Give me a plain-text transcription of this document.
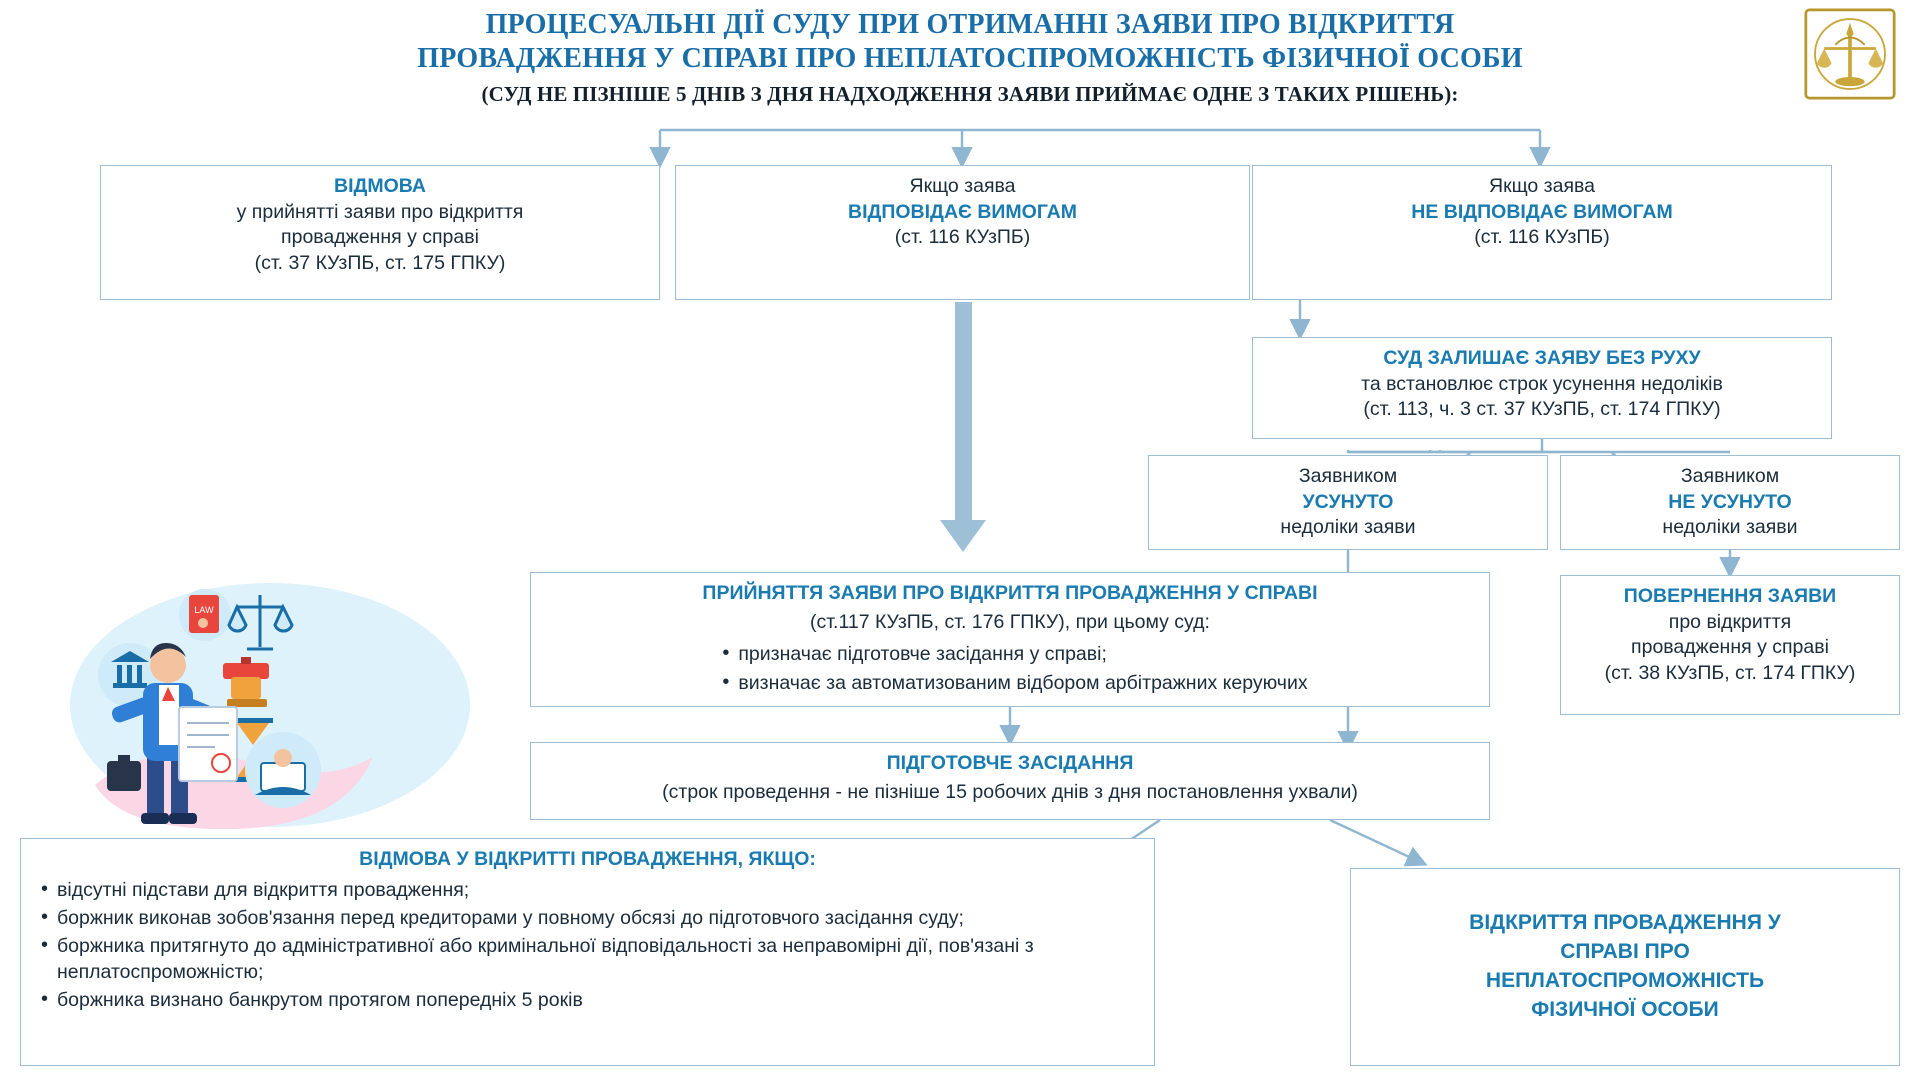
ПРОЦЕСУАЛЬНІ ДІЇ СУДУ ПРИ ОТРИМАННІ ЗАЯВИ ПРО ВІДКРИТТЯ
ПРОВАДЖЕННЯ У СПРАВІ ПРО НЕПЛАТОСПРОМОЖНІСТЬ ФІЗИЧНОЇ ОСОБИ
(СУД НЕ ПІЗНІШЕ 5 ДНІВ З ДНЯ НАДХОДЖЕННЯ ЗАЯВИ ПРИЙМАЄ ОДНЕ З ТАКИХ РІШЕНЬ):
LAW
ВІДМОВА
у прийнятті заяви про відкриття
провадження у справі
(ст. 37 КУзПБ, ст. 175 ГПКУ)
Якщо заява
ВІДПОВІДАЄ ВИМОГАМ
(ст. 116 КУзПБ)
Якщо заява
НЕ ВІДПОВІДАЄ ВИМОГАМ
(ст. 116 КУзПБ)
СУД ЗАЛИШАЄ ЗАЯВУ БЕЗ РУХУ
та встановлює строк усунення недоліків
(ст. 113, ч. 3 ст. 37 КУзПБ, ст. 174 ГПКУ)
Заявником
УСУНУТО
недоліки заяви
Заявником
НЕ УСУНУТО
недоліки заяви
ПОВЕРНЕННЯ ЗАЯВИ
про відкриття
провадження у справі
(ст. 38 КУзПБ, ст. 174 ГПКУ)
ПРИЙНЯТТЯ ЗАЯВИ ПРО ВІДКРИТТЯ ПРОВАДЖЕННЯ У СПРАВІ
(ст.117 КУзПБ, ст. 176 ГПКУ), при цьому суд:
• призначає підготовче засідання у справі;
• визначає за автоматизованим відбором арбітражних керуючих
ПІДГОТОВЧЕ ЗАСІДАННЯ
(строк проведення - не пізніше 15 робочих днів з дня постановлення ухвали)
ВІДМОВА У ВІДКРИТТІ ПРОВАДЖЕННЯ, ЯКЩО:
• відсутні підстави для відкриття провадження;
• боржник виконав зобов'язання перед кредиторами у повному обсязі до підготовчого засідання суду;
• боржника притягнуто до адміністративної або кримінальної відповідальності за неправомірні дії, пов'язані з неплатоспроможністю;
• боржника визнано банкрутом протягом попередніх 5 років
ВІДКРИТТЯ ПРОВАДЖЕННЯ У
СПРАВІ ПРО
НЕПЛАТОСПРОМОЖНІСТЬ
ФІЗИЧНОЇ ОСОБИ
